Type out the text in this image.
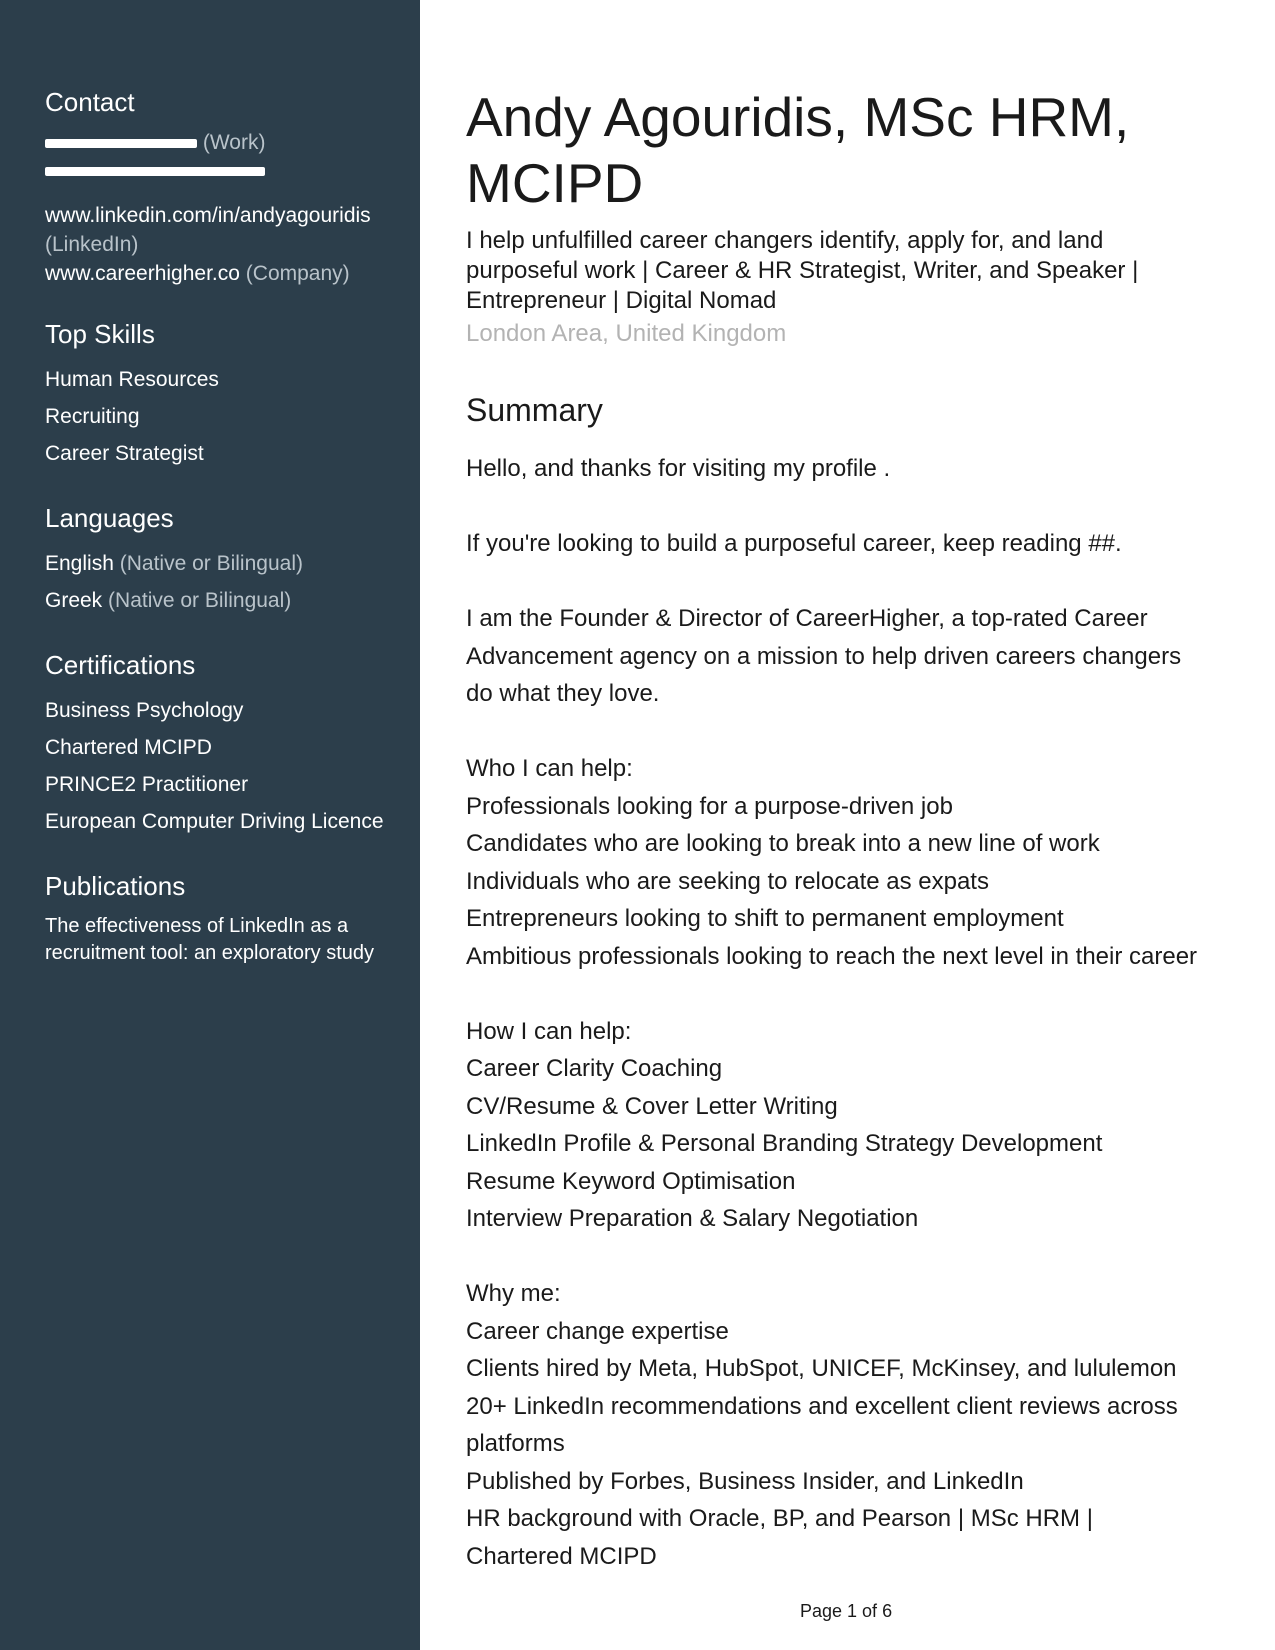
Contact
(Work)
www.linkedin.com/in/andyagouridis
(LinkedIn)
www.careerhigher.co (Company)
Top Skills
Human Resources
Recruiting
Career Strategist
Languages
English (Native or Bilingual)
Greek (Native or Bilingual)
Certifications
Business Psychology
Chartered MCIPD
PRINCE2 Practitioner
European Computer Driving Licence
Publications
The effectiveness of LinkedIn as a
recruitment tool: an exploratory study
Andy Agouridis, MSc HRM,
MCIPD
I help unfulfilled career changers identify, apply for, and land
purposeful work | Career & HR Strategist, Writer, and Speaker |
Entrepreneur | Digital Nomad
London Area, United Kingdom
Summary
Hello, and thanks for visiting my profile .
If you're looking to build a purposeful career, keep reading ##.
I am the Founder & Director of CareerHigher, a top-rated Career
Advancement agency on a mission to help driven careers changers
do what they love.
Who I can help:
Professionals looking for a purpose-driven job
Candidates who are looking to break into a new line of work
Individuals who are seeking to relocate as expats
Entrepreneurs looking to shift to permanent employment
Ambitious professionals looking to reach the next level in their career
How I can help:
Career Clarity Coaching
CV/Resume & Cover Letter Writing
LinkedIn Profile & Personal Branding Strategy Development
Resume Keyword Optimisation
Interview Preparation & Salary Negotiation
Why me:
Career change expertise
Clients hired by Meta, HubSpot, UNICEF, McKinsey, and lululemon
20+ LinkedIn recommendations and excellent client reviews across
platforms
Published by Forbes, Business Insider, and LinkedIn
HR background with Oracle, BP, and Pearson | MSc HRM |
Chartered MCIPD
Page 1 of 6
